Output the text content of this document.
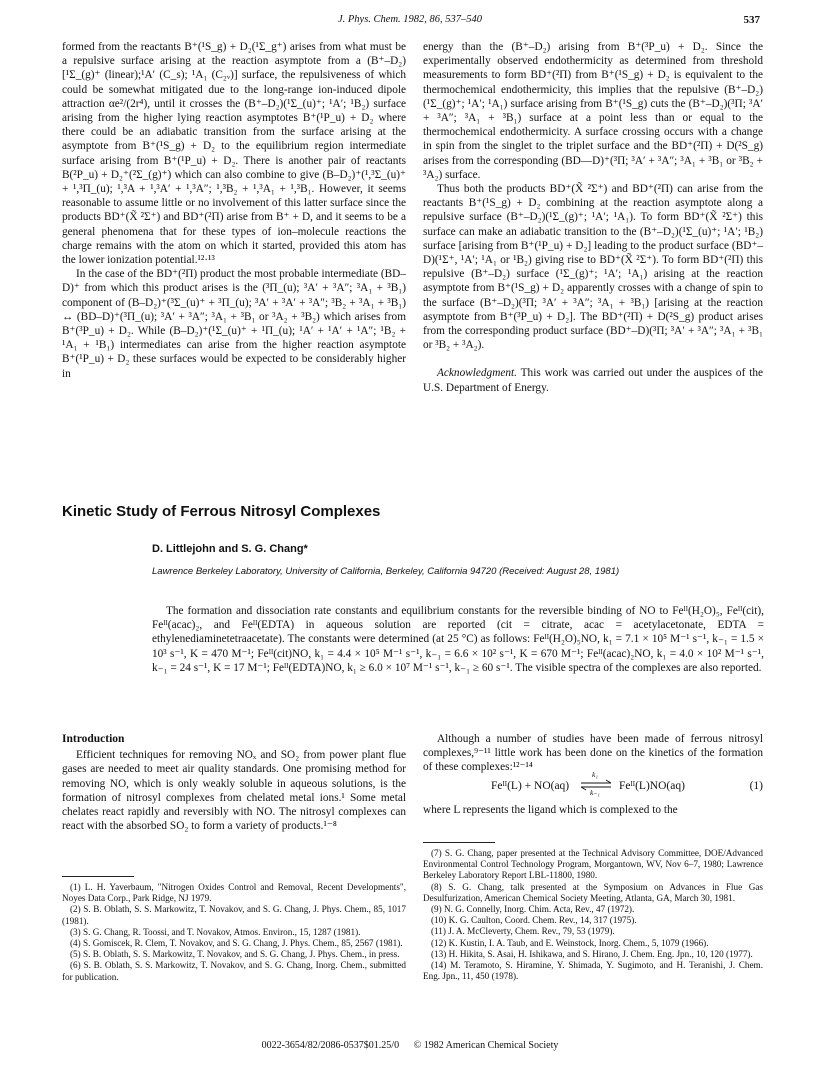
J. Phys. Chem. 1982, 86, 537–540	537

formed from the reactants B⁺(¹S_g) + D₂(¹Σ_g⁺) arises from what must be a repulsive surface arising at the reaction asymptote from a (B⁺–D₂)[¹Σ_(g)⁺ (linear);¹A′ (C_s); ¹A₁ (C₂ᵥ)] surface, the repulsiveness of which could be somewhat mitigated due to the long-range ion-induced dipole attraction αe²/(2r⁴), until it crosses the (B⁺–D₂)(¹Σ_(u)⁺; ¹A′; ¹B₂) surface arising from the higher lying reaction asymptotes B⁺(¹P_u) + D₂ where there could be an adiabatic transition from the surface arising at the asymptote from B⁺(¹S_g) + D₂ to the equilibrium region intermediate surface arising from B⁺(¹P_u) + D₂. There is another pair of reactants B(²P_u) + D₂⁺(²Σ_(g)⁺) which can also combine to give (B–D₂)⁺(¹,³Σ_(u)⁺ + ¹,³Π_(u); ¹,³A + ¹,³A′ + ¹,³A″; ¹,³B₂ + ¹,³A₁ + ¹,³B₁. However, it seems reasonable to assume little or no involvement of this latter surface since the products BD⁺(X̃ ²Σ⁺) and BD⁺(²Π) arise from B⁺ + D, and it seems to be a general phenomena that for these types of ion–molecule reactions the charge remains with the atom on which it started, provided this atom has the lower ionization potential.¹²·¹³

In the case of the BD⁺(²Π) product the most probable intermediate (BD–D)⁺ from which this product arises is the (³Π_(u); ³A′ + ³A″; ³A₁ + ³B₁) component of (B–D₂)⁺(³Σ_(u)⁺ + ³Π_(u); ³A′ + ³A′ + ³A″; ³B₂ + ³A₁ + ³B₁) ↔ (BD–D)⁺(³Π_(u); ³A′ + ³A″; ³A₁ + ³B₁ or ³A₂ + ³B₂) which arises from B⁺(³P_u) + D₂. While (B–D₂)⁺(¹Σ_(u)⁺ + ¹Π_(u); ¹A′ + ¹A′ + ¹A″; ¹B₂ + ¹A₁ + ¹B₁) intermediates can arise from the higher reaction asymptote B⁺(¹P_u) + D₂ these surfaces would be expected to be considerably higher in

energy than the (B⁺–D₂) arising from B⁺(³P_u) + D₂. Since the experimentally observed endothermicity as determined from threshold measurements to form BD⁺(²Π) from B⁺(¹S_g) + D₂ is equivalent to the thermochemical endothermicity, this implies that the repulsive (B⁺–D₂)(¹Σ_(g)⁺; ¹A′; ¹A₁) surface arising from B⁺(¹S_g) cuts the (B⁺–D₂)(³Π; ³A′ + ³A″; ³A₁ + ³B₁) surface at a point less than or equal to the thermochemical endothermicity. A surface crossing occurs with a change in spin from the singlet to the triplet surface and the BD⁺(²Π) + D(²S_g) arises from the corresponding (BD—D)⁺(³Π; ³A′ + ³A″; ³A₁ + ³B₁ or ³B₂ + ³A₂) surface.

Thus both the products BD⁺(X̃ ²Σ⁺) and BD⁺(²Π) can arise from the reactants B⁺(¹S_g) + D₂ combining at the reaction asymptote along a repulsive surface (B⁺–D₂)(¹Σ_(g)⁺; ¹A′; ¹A₁). To form BD⁺(X̃ ²Σ⁺) this surface can make an adiabatic transition to the (B⁺–D₂)(¹Σ_(u)⁺; ¹A′; ¹B₂) surface [arising from B⁺(¹P_u) + D₂] leading to the product surface (BD⁺–D)(¹Σ⁺, ¹A′; ¹A₁ or ¹B₂) giving rise to BD⁺(X̃ ²Σ⁺). To form BD⁺(²Π) this repulsive (B⁺–D₂) surface (¹Σ_(g)⁺; ¹A′; ¹A₁) arising at the reaction asymptote from B⁺(¹S_g) + D₂ apparently crosses with a change of spin to the surface (B⁺–D₂)(³Π; ³A′ + ³A″; ³A₁ + ³B₁) [arising at the reaction asymptote from B⁺(³P_u) + D₂]. The BD⁺(²Π) + D(²S_g) product arises from the corresponding product surface (BD⁺–D)(³Π; ³A′ + ³A″; ³A₁ + ³B₁ or ³B₂ + ³A₂).

Acknowledgment. This work was carried out under the auspices of the U.S. Department of Energy.

Kinetic Study of Ferrous Nitrosyl Complexes
D. Littlejohn and S. G. Chang*
Lawrence Berkeley Laboratory, University of California, Berkeley, California 94720 (Received: August 28, 1981)
The formation and dissociation rate constants and equilibrium constants for the reversible binding of NO to Feᴵᴵ(H₂O)₅, Feᴵᴵ(cit), Feᴵᴵ(acac)₂, and Feᴵᴵ(EDTA) in aqueous solution are reported (cit = citrate, acac = acetylacetonate, EDTA = ethylenediaminetetraacetate). The constants were determined (at 25 °C) as follows: Feᴵᴵ(H₂O)₅NO, k₁ = 7.1 × 10⁵ M⁻¹ s⁻¹, k₋₁ = 1.5 × 10³ s⁻¹, K = 470 M⁻¹; Feᴵᴵ(cit)NO, k₁ = 4.4 × 10⁵ M⁻¹ s⁻¹, k₋₁ = 6.6 × 10² s⁻¹, K = 670 M⁻¹; Feᴵᴵ(acac)₂NO, k₁ = 4.0 × 10² M⁻¹ s⁻¹, k₋₁ = 24 s⁻¹, K = 17 M⁻¹; Feᴵᴵ(EDTA)NO, k₁ ≥ 6.0 × 10⁷ M⁻¹ s⁻¹, k₋₁ ≥ 60 s⁻¹. The visible spectra of the complexes are also reported.
Introduction

Efficient techniques for removing NOₓ and SO₂ from power plant flue gases are needed to meet air quality standards. One promising method for removing NO, which is only weakly soluble in aqueous solutions, is the formation of nitrosyl complexes from chelated metal ions.¹ Some metal chelates react rapidly and reversibly with NO. The nitrosyl complexes can react with the absorbed SO₂ to form a variety of products.¹⁻⁸

Although a number of studies have been made of ferrous nitrosyl complexes,⁹⁻¹¹ little work has been done on the kinetics of the formation of these complexes:¹²⁻¹⁴

Feᴵᴵ(L) + NO(aq)
k₁
k₋₁
Feᴵᴵ(L)NO(aq)	(1)
where L represents the ligand which is complexed to the
(1) L. H. Yaverbaum, "Nitrogen Oxides Control and Removal, Recent Developments", Noyes Data Corp., Park Ridge, NJ 1979.
(2) S. B. Oblath, S. S. Markowitz, T. Novakov, and S. G. Chang, J. Phys. Chem., 85, 1017 (1981).
(3) S. G. Chang, R. Toossi, and T. Novakov, Atmos. Environ., 15, 1287 (1981).
(4) S. Gomiscek, R. Clem, T. Novakov, and S. G. Chang, J. Phys. Chem., 85, 2567 (1981).
(5) S. B. Oblath, S. S. Markowitz, T. Novakov, and S. G. Chang, J. Phys. Chem., in press.
(6) S. B. Oblath, S. S. Markowitz, T. Novakov, and S. G. Chang, Inorg. Chem., submitted for publication.
(7) S. G. Chang, paper presented at the Technical Advisory Committee, DOE/Advanced Environmental Control Technology Program, Morgantown, WV, Nov 6–7, 1980; Lawrence Berkeley Laboratory Report LBL-11800, 1980.
(8) S. G. Chang, talk presented at the Symposium on Advances in Flue Gas Desulfurization, American Chemical Society Meeting, Atlanta, GA, March 30, 1981.
(9) N. G. Connelly, Inorg. Chim. Acta, Rev., 47 (1972).
(10) K. G. Caulton, Coord. Chem. Rev., 14, 317 (1975).
(11) J. A. McCleverty, Chem. Rev., 79, 53 (1979).
(12) K. Kustin, I. A. Taub, and E. Weinstock, Inorg. Chem., 5, 1079 (1966).
(13) H. Hikita, S. Asai, H. Ishikawa, and S. Hirano, J. Chem. Eng. Jpn., 10, 120 (1977).
(14) M. Teramoto, S. Hiramine, Y. Shimada, Y. Sugimoto, and H. Teranishi, J. Chem. Eng. Jpn., 11, 450 (1978).
0022-3654/82/2086-0537$01.25/0 © 1982 American Chemical Society
